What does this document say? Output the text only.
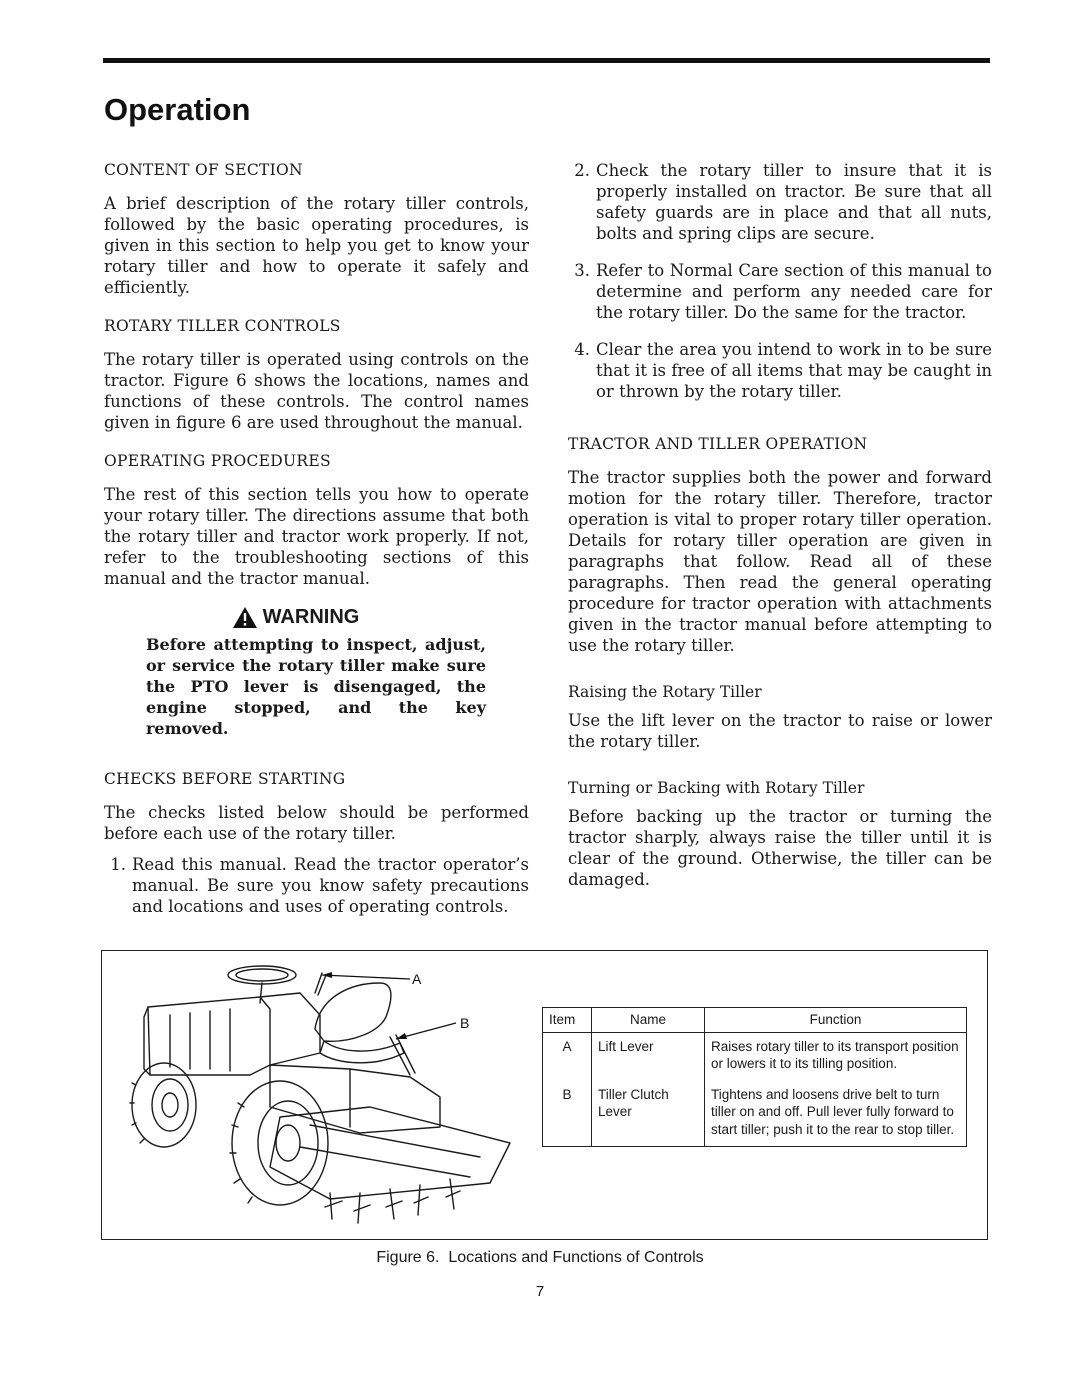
Operation
CONTENT OF SECTION

A brief description of the rotary tiller controls, followed by the basic operating procedures, is given in this section to help you get to know your rotary tiller and how to operate it safely and efficiently.

ROTARY TILLER CONTROLS

The rotary tiller is operated using controls on the tractor. Figure 6 shows the locations, names and functions of these controls. The control names given in figure 6 are used throughout the manual.

OPERATING PROCEDURES

The rest of this section tells you how to operate your rotary tiller. The directions assume that both the rotary tiller and tractor work properly. If not, refer to the troubleshooting sections of this manual and the tractor manual.

WARNING
Before attempting to inspect, adjust, or service the rotary tiller make sure the PTO lever is disengaged, the engine stopped, and the key removed.
CHECKS BEFORE STARTING

The checks listed below should be performed before each use of the rotary tiller.

1. Read this manual. Read the tractor operator’s manual. Be sure you know safety precautions and locations and uses of operating controls.
2. Check the rotary tiller to insure that it is properly installed on tractor. Be sure that all safety guards are in place and that all nuts, bolts and spring clips are secure.
3. Refer to Normal Care section of this manual to determine and perform any needed care for the rotary tiller. Do the same for the tractor.
4. Clear the area you intend to work in to be sure that it is free of all items that may be caught in or thrown by the rotary tiller.
TRACTOR AND TILLER OPERATION

The tractor supplies both the power and forward motion for the rotary tiller. Therefore, tractor operation is vital to proper rotary tiller operation. Details for rotary tiller operation are given in paragraphs that follow. Read all of these paragraphs. Then read the general operating procedure for tractor operation with attachments given in the tractor manual before attempting to use the rotary tiller.

Raising the Rotary Tiller

Use the lift lever on the tractor to raise or lower the rotary tiller.

Turning or Backing with Rotary Tiller

Before backing up the tractor or turning the tractor sharply, always raise the tiller until it is clear of the ground. Otherwise, the tiller can be damaged.

A
B	Item	Name	Function
A	Lift Lever	Raises rotary tiller to its transport position or lowers it to its tilling position.
B	Tiller Clutch Lever	Tightens and loosens drive belt to turn tiller on and off. Pull lever fully forward to start tiller; push it to the rear to stop tiller.
Figure 6.  Locations and Functions of Controls
7
